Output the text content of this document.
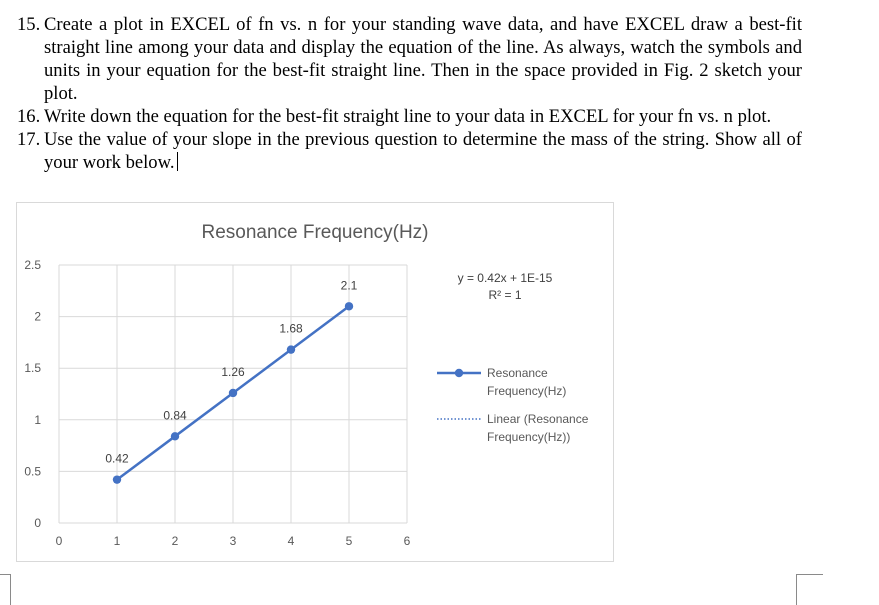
15. Create a plot in EXCEL of fn vs. n for your standing wave data, and have EXCEL draw a best-fit straight line among your data and display the equation of the line. As always, watch the symbols and units in your equation for the best-fit straight line. Then in the space provided in Fig. 2 sketch your plot.
16. Write down the equation for the best-fit straight line to your data in EXCEL for your fn vs. n plot.
17. Use the value of your slope in the previous question to determine the mass of the string. Show all of your work below.
Resonance Frequency(Hz)
0
0.5
1
1.5
2
2.5
0	1	2	3	4	5	6
0.42
0.84
1.26
1.68
2.1
y = 0.42x + 1E-15
R² = 1
Resonance
Frequency(Hz)
Linear (Resonance
Frequency(Hz))
